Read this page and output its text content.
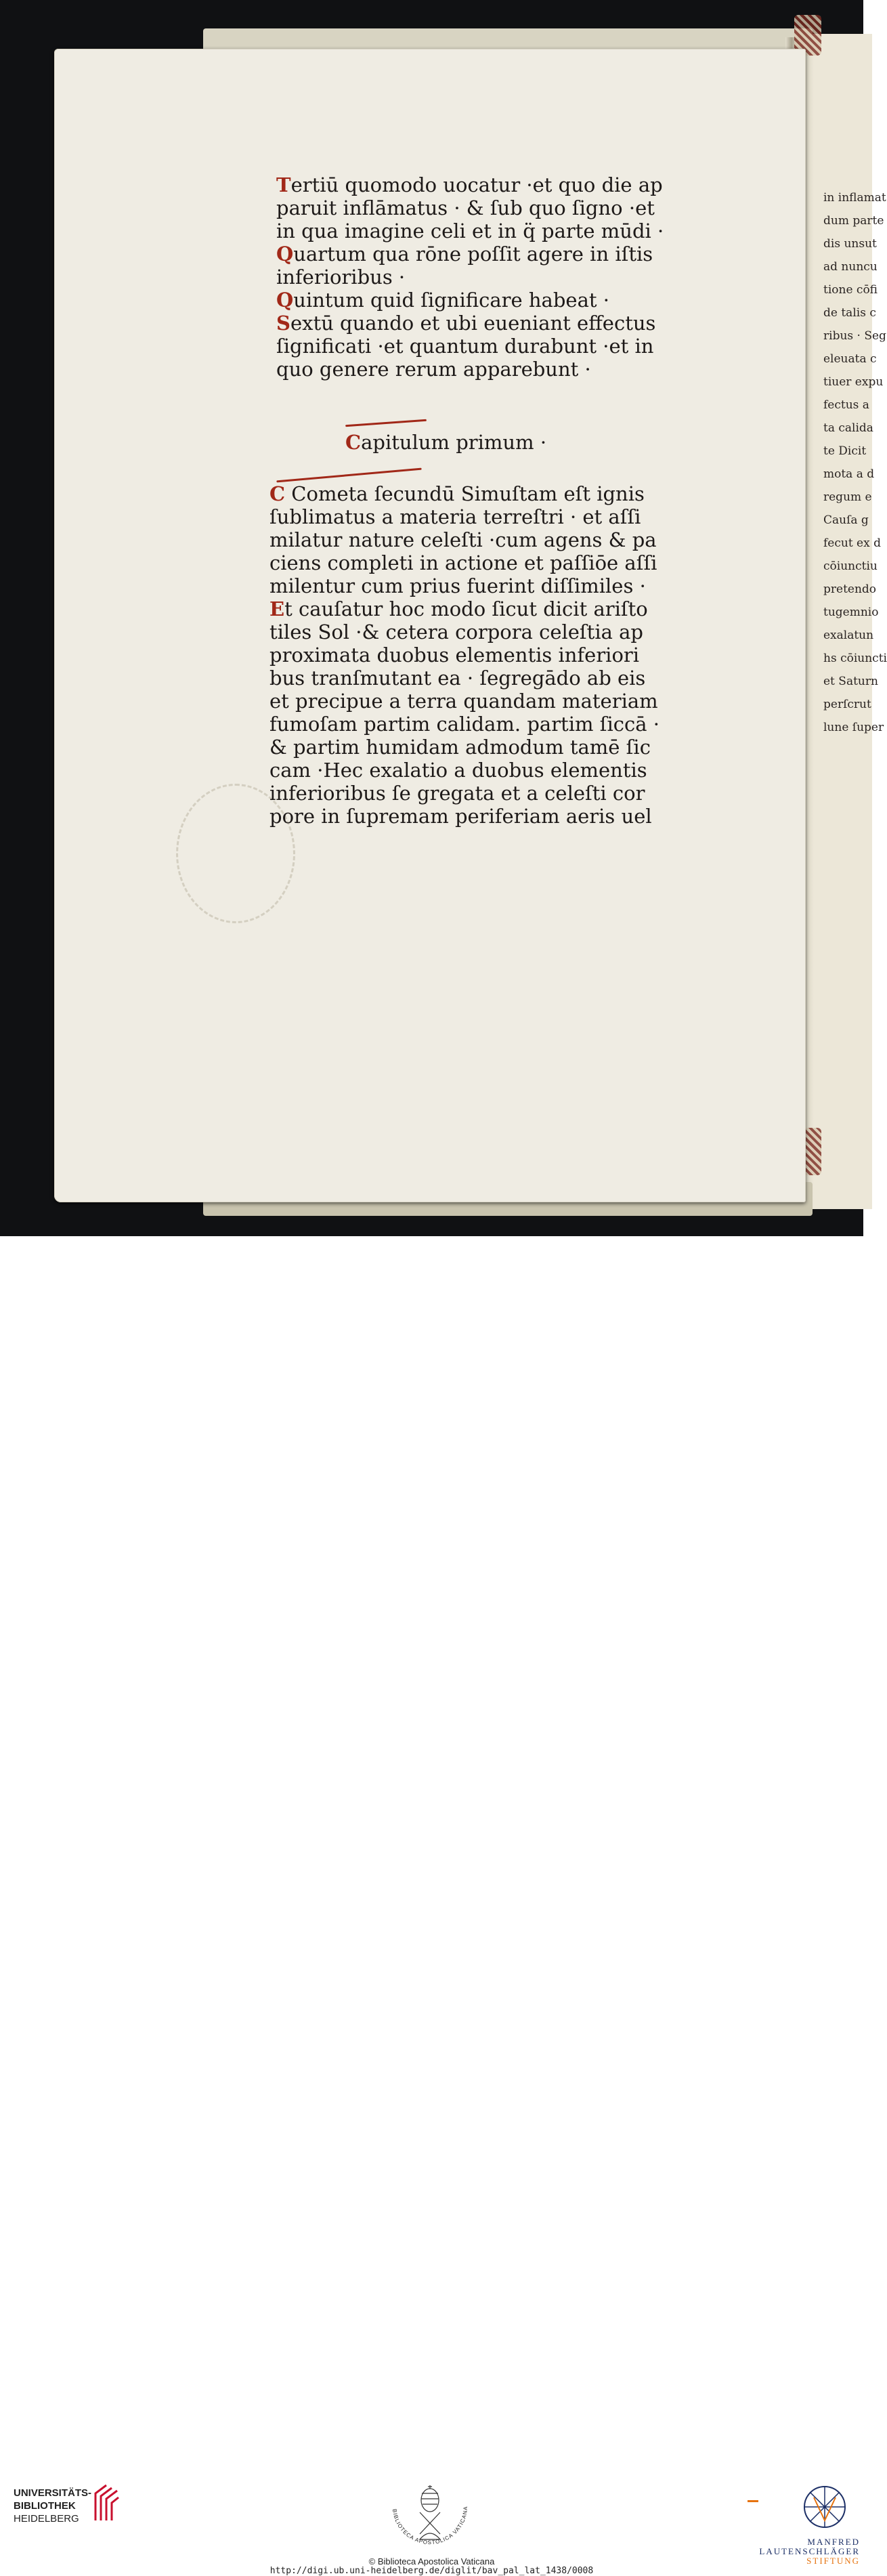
in inflamat
dum parte
dis unsut
ad nuncu
tione cōfi
de talis c
ribus · Seg
eleuata c
tiuer expu
fectus a
ta calida
te Dicit
mota a d
regum e
Cauſa g
fecut ex d
cōiunctiu
pretendo
tugemnio
exalatun
hs cōiuncti
et Saturn
perſcrut
lune ſuper
Tertiū quomodo uocatur ·et quo die ap
paruit inflāmatus · & ſub quo ſigno ·et
in qua imagine celi et in q̈ parte mūdi ·
Quartum qua rōne poſſit agere in iſtis
inferioribus ·
Quintum quid ſignificare habeat ·
Sextū quando et ubi eueniant effectus
ſignificati ·et quantum durabunt ·et in
quo genere rerum apparebunt ·
Capitulum primum ·
C Cometa ſecundū Simuſtam eſt ignis
ſublimatus a materia terreſtri · et aſſi
milatur nature celeſti ·cum agens & pa
ciens completi in actione et paſſiōe aſſi
milentur cum prius fuerint diſſimiles ·
Et cauſatur hoc modo ſicut dicit ariſto
tiles Sol ·& cetera corpora celeſtia ap
proximata duobus elementis inferiori
bus tranſmutant ea · ſegregādo ab eis
et precipue a terra quandam materiam
fumoſam partim calidam. partim ſiccā ·
& partim humidam admodum tamē ſic
cam ·Hec exalatio a duobus elementis
inferioribus ſe gregata et a celeſti cor
pore in ſupremam periferiam aeris uel
UNIVERSITÄTS-
BIBLIOTHEK
HEIDELBERG
BIBLIOTECA APOSTOLICA VATICANA
© Biblioteca Apostolica Vaticana
http://digi.ub.uni-heidelberg.de/diglit/bav_pal_lat_1438/0008
MANFRED
LAUTENSCHLÄGER
STIFTUNG
